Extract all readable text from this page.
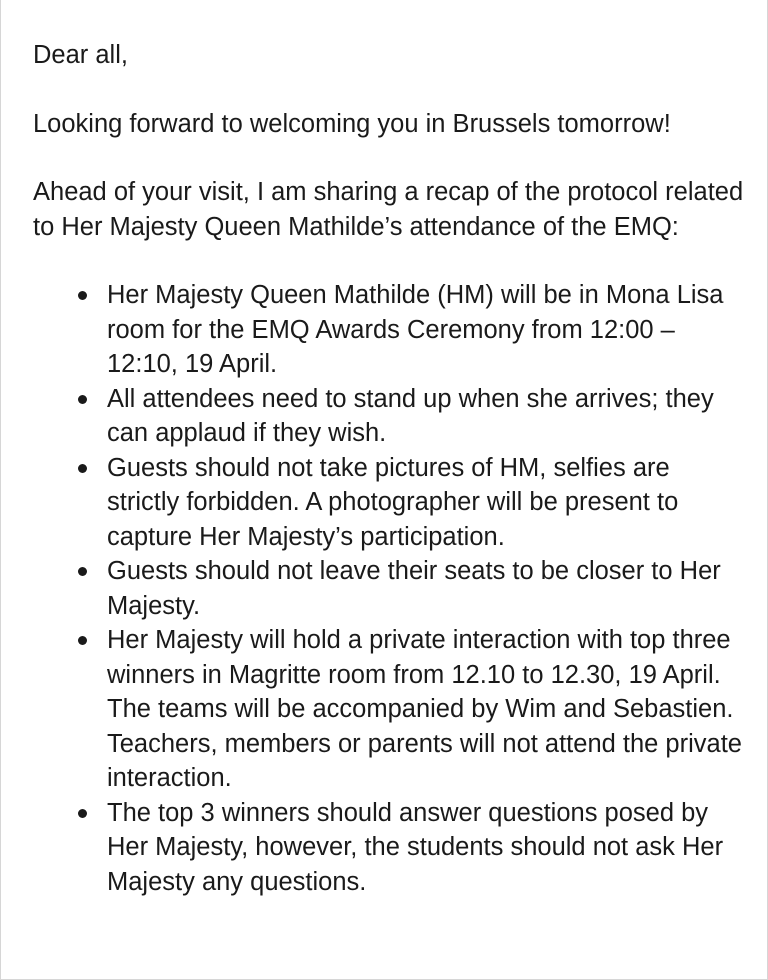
Dear all,

Looking forward to welcoming you in Brussels tomorrow!

Ahead of your visit, I am sharing a recap of the protocol related to Her Majesty Queen Mathilde’s attendance of the EMQ:

Her Majesty Queen Mathilde (HM) will be in Mona Lisa room for the EMQ Awards Ceremony from 12:00 – 12:10, 19 April.
All attendees need to stand up when she arrives; they can applaud if they wish.
Guests should not take pictures of HM, selfies are strictly forbidden. A photographer will be present to capture Her Majesty’s participation.
Guests should not leave their seats to be closer to Her Majesty.
Her Majesty will hold a private interaction with top three winners in Magritte room from 12.10 to 12.30, 19 April. The teams will be accompanied by Wim and Sebastien. Teachers, members or parents will not attend the private interaction.
The top 3 winners should answer questions posed by Her Majesty, however, the students should not ask Her Majesty any questions.
